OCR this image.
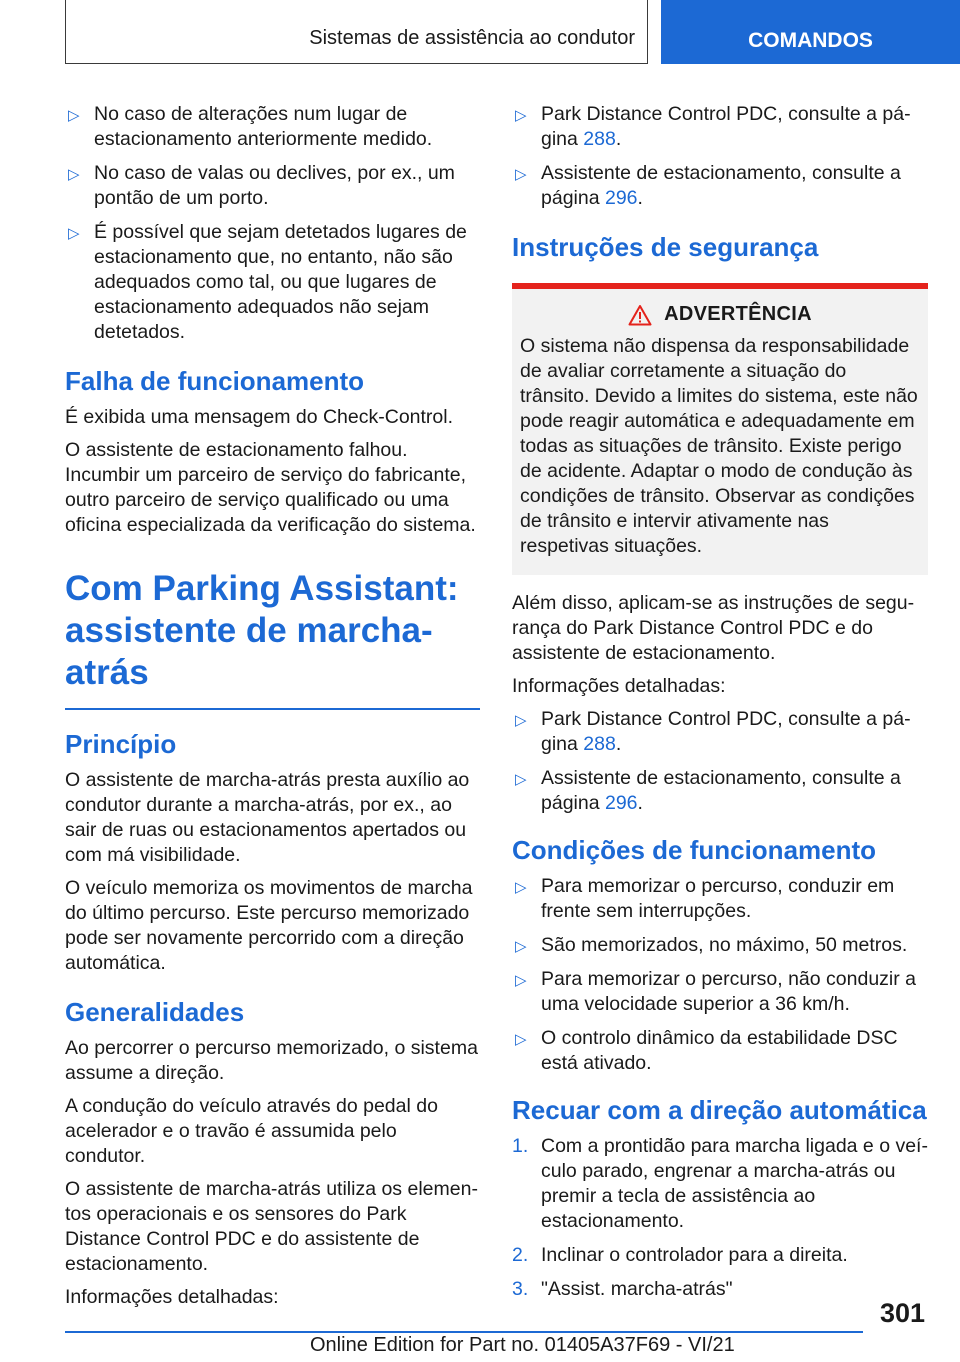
Sistemas de assistência ao condutor	COMANDOS
▷ No caso de alterações num lugar de estacionamento anteriormente medido.
▷ No caso de valas ou declives, por ex., um pontão de um porto.
▷ É possível que sejam detetados lugares de estacionamento que, no entanto, não são adequados como tal, ou que lugares de estacionamento adequados não sejam detetados.
Falha de funcionamento

É exibida uma mensagem do Check-Control.

O assistente de estacionamento falhou. Incumbir um parceiro de serviço do fabricante, outro parceiro de serviço qualificado ou uma oficina especializada da verificação do sistema.

Com Parking Assistant: assistente de marcha-atrás
Princípio

O assistente de marcha-atrás presta auxílio ao condutor durante a marcha-atrás, por ex., ao sair de ruas ou estacionamentos apertados ou com má visibilidade.

O veículo memoriza os movimentos de marcha do último percurso. Este percurso memorizado pode ser novamente percorrido com a direção automática.

Generalidades

Ao percorrer o percurso memorizado, o sistema assume a direção.

A condução do veículo através do pedal do acelerador e o travão é assumida pelo condutor.

O assistente de marcha-atrás utiliza os elementos operacionais e os sensores do Park Distance Control PDC e do assistente de estacionamento.

Informações detalhadas:

▷ Park Distance Control PDC, consulte a página 288.
▷ Assistente de estacionamento, consulte a página 296.
Instruções de segurança
ADVERTÊNCIA

O sistema não dispensa da responsabilidade de avaliar corretamente a situação do trânsito. Devido a limites do sistema, este não pode reagir automática e adequadamente em todas as situações de trânsito. Existe perigo de acidente. Adaptar o modo de condução às condições de trânsito. Observar as condições de trânsito e intervir ativamente nas respetivas situações.

Além disso, aplicam-se as instruções de segurança do Park Distance Control PDC e do assistente de estacionamento.

Informações detalhadas:

▷ Park Distance Control PDC, consulte a página 288.
▷ Assistente de estacionamento, consulte a página 296.
Condições de funcionamento
▷ Para memorizar o percurso, conduzir em frente sem interrupções.
▷ São memorizados, no máximo, 50 metros.
▷ Para memorizar o percurso, não conduzir a uma velocidade superior a 36 km/h.
▷ O controlo dinâmico da estabilidade DSC está ativado.
Recuar com a direção automática
1. Com a prontidão para marcha ligada e o veículo parado, engrenar a marcha-atrás ou premir a tecla de assistência ao estacionamento.
2. Inclinar o controlador para a direita.
3. "Assist. marcha-atrás"
301
Online Edition for Part no. 01405A37F69 - VI/21
